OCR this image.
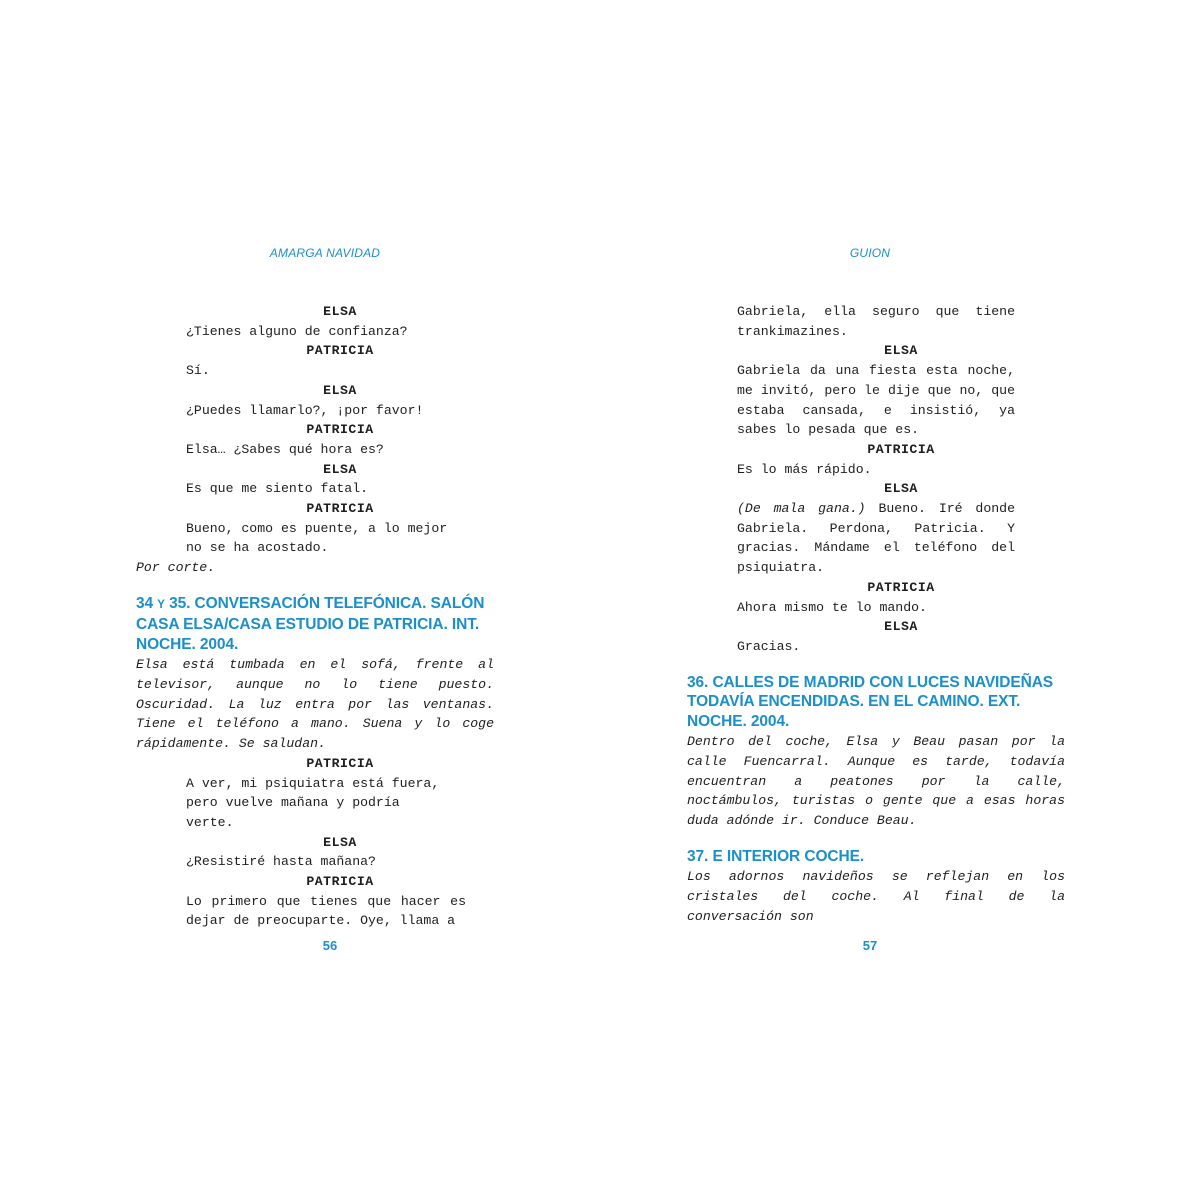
AMARGA NAVIDAD
ELSA
¿Tienes alguno de confianza?
PATRICIA
Sí.
ELSA
¿Puedes llamarlo?, ¡por favor!
PATRICIA
Elsa… ¿Sabes qué hora es?
ELSA
Es que me siento fatal.
PATRICIA
Bueno, como es puente, a lo mejor no se ha acostado.
Por corte.
34 Y 35. CONVERSACIÓN TELEFÓNICA. SALÓN CASA ELSA/CASA ESTUDIO DE PATRICIA. INT. NOCHE. 2004.
Elsa está tumbada en el sofá, frente al televisor, aunque no lo tiene puesto. Oscuridad. La luz entra por las ventanas. Tiene el teléfono a mano. Suena y lo coge rápidamente. Se saludan.
PATRICIA
A ver, mi psiquiatra está fuera, pero vuelve mañana y podría verte.
ELSA
¿Resistiré hasta mañana?
PATRICIA
Lo primero que tienes que hacer es dejar de preocuparte. Oye, llama a
56
GUION
Gabriela, ella seguro que tiene trankimazines.
ELSA
Gabriela da una fiesta esta noche, me invitó, pero le dije que no, que estaba cansada, e insistió, ya sabes lo pesada que es.
PATRICIA
Es lo más rápido.
ELSA
(De mala gana.) Bueno. Iré donde Gabriela. Perdona, Patricia. Y gracias. Mándame el teléfono del psiquiatra.
PATRICIA
Ahora mismo te lo mando.
ELSA
Gracias.
36. CALLES DE MADRID CON LUCES NAVIDEÑAS TODAVÍA ENCENDIDAS. EN EL CAMINO. EXT. NOCHE. 2004.
Dentro del coche, Elsa y Beau pasan por la calle Fuencarral. Aunque es tarde, todavía encuentran a peatones por la calle, noctámbulos, turistas o gente que a esas horas duda adónde ir. Conduce Beau.
37. E INTERIOR COCHE.
Los adornos navideños se reflejan en los cristales del coche. Al final de la conversación son
57
